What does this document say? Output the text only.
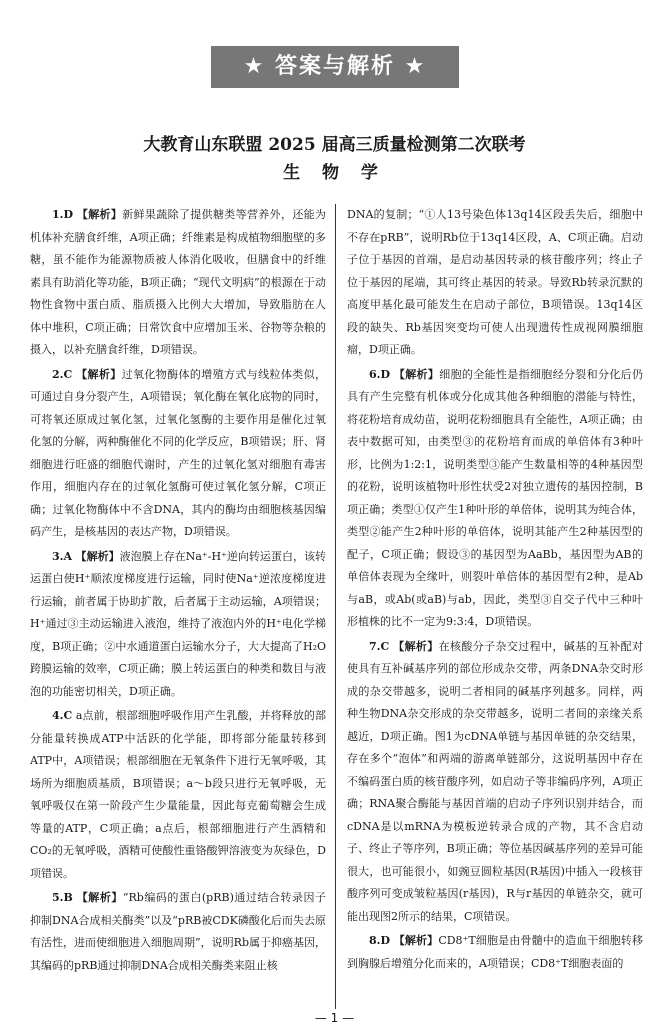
★ 答案与解析 ★
大教育山东联盟 2025 届高三质量检测第二次联考
生 物 学

1.D 【解析】新鲜果蔬除了提供糖类等营养外，还能为机体补充膳食纤维，A项正确；纤维素是构成植物细胞壁的多糖，虽不能作为能源物质被人体消化吸收，但膳食中的纤维素具有助消化等功能，B项正确；“现代文明病”的根源在于动物性食物中蛋白质、脂质摄入比例大大增加，导致脂肪在人体中堆积，C项正确；日常饮食中应增加玉米、谷物等杂粮的摄入，以补充膳食纤维，D项错误。

2.C 【解析】过氧化物酶体的增殖方式与线粒体类似，可通过自身分裂产生，A项错误；氧化酶在氧化底物的同时，可将氧还原成过氧化氢，过氧化氢酶的主要作用是催化过氧化氢的分解，两种酶催化不同的化学反应，B项错误；肝、肾细胞进行旺盛的细胞代谢时，产生的过氧化氢对细胞有毒害作用，细胞内存在的过氧化氢酶可使过氧化氢分解，C项正确；过氧化物酶体中不含DNA，其内的酶均由细胞核基因编码产生，是核基因的表达产物，D项错误。

3.A 【解析】液泡膜上存在Na⁺-H⁺逆向转运蛋白，该转运蛋白使H⁺顺浓度梯度进行运输，同时使Na⁺逆浓度梯度进行运输，前者属于协助扩散，后者属于主动运输，A项错误；H⁺通过③主动运输进入液泡，维持了液泡内外的H⁺电化学梯度，B项正确；②中水通道蛋白运输水分子，大大提高了H₂O跨膜运输的效率，C项正确；膜上转运蛋白的种类和数目与液泡的功能密切相关，D项正确。

4.C a点前，根部细胞呼吸作用产生乳酸，并将释放的部分能量转换成ATP中活跃的化学能，即将部分能量转移到ATP中，A项错误；根部细胞在无氧条件下进行无氧呼吸，其场所为细胞质基质，B项错误；a～b段只进行无氧呼吸，无氧呼吸仅在第一阶段产生少量能量，因此每克葡萄糖会生成等量的ATP，C项正确；a点后，根部细胞进行产生酒精和CO₂的无氧呼吸，酒精可使酸性重铬酸钾溶液变为灰绿色，D项错误。

5.B 【解析】“Rb编码的蛋白(pRB)通过结合转录因子抑制DNA合成相关酶类”以及“pRB被CDK磷酸化后而失去原有活性，进而使细胞进入细胞周期”，说明Rb属于抑癌基因，其编码的pRB通过抑制DNA合成相关酶类来阻止核

DNA的复制；“①人13号染色体13q14区段丢失后，细胞中不存在pRB”，说明Rb位于13q14区段，A、C项正确。启动子位于基因的首端，是启动基因转录的核苷酸序列；终止子位于基因的尾端，其可终止基因的转录。导致Rb转录沉默的高度甲基化最可能发生在启动子部位，B项错误。13q14区段的缺失、Rb基因突变均可使人出现遗传性成视网膜细胞瘤，D项正确。

6.D 【解析】细胞的全能性是指细胞经分裂和分化后仍具有产生完整有机体或分化成其他各种细胞的潜能与特性，将花粉培育成幼苗，说明花粉细胞具有全能性，A项正确；由表中数据可知，由类型③的花粉培育而成的单倍体有3种叶形，比例为1:2:1，说明类型③能产生数量相等的4种基因型的花粉，说明该植物叶形性状受2对独立遗传的基因控制，B项正确；类型①仅产生1种叶形的单倍体，说明其为纯合体，类型②能产生2种叶形的单倍体，说明其能产生2种基因型的配子，C项正确；假设③的基因型为AaBb，基因型为AB的单倍体表现为全缘叶，则裂叶单倍体的基因型有2种，是Ab与aB，或Ab(或aB)与ab，因此，类型③自交子代中三种叶形植株的比不一定为9:3:4，D项错误。

7.C 【解析】在核酸分子杂交过程中，碱基的互补配对使具有互补碱基序列的部位形成杂交带，两条DNA杂交时形成的杂交带越多，说明二者相同的碱基序列越多。同样，两种生物DNA杂交形成的杂交带越多，说明二者间的亲缘关系越近，D项正确。图1为cDNA单链与基因单链的杂交结果，存在多个“泡体”和两端的游离单链部分，这说明基因中存在不编码蛋白质的核苷酸序列，如启动子等非编码序列，A项正确；RNA聚合酶能与基因首端的启动子序列识别并结合，而cDNA是以mRNA为模板逆转录合成的产物，其不含启动子、终止子等序列，B项正确；等位基因碱基序列的差异可能很大，也可能很小，如豌豆圆粒基因(R基因)中插入一段核苷酸序列可变成皱粒基因(r基因)，R与r基因的单链杂交，就可能出现图2所示的结果，C项错误。

8.D 【解析】CD8⁺T细胞是由骨髓中的造血干细胞转移到胸腺后增殖分化而来的，A项错误；CD8⁺T细胞表面的

— 1 —
